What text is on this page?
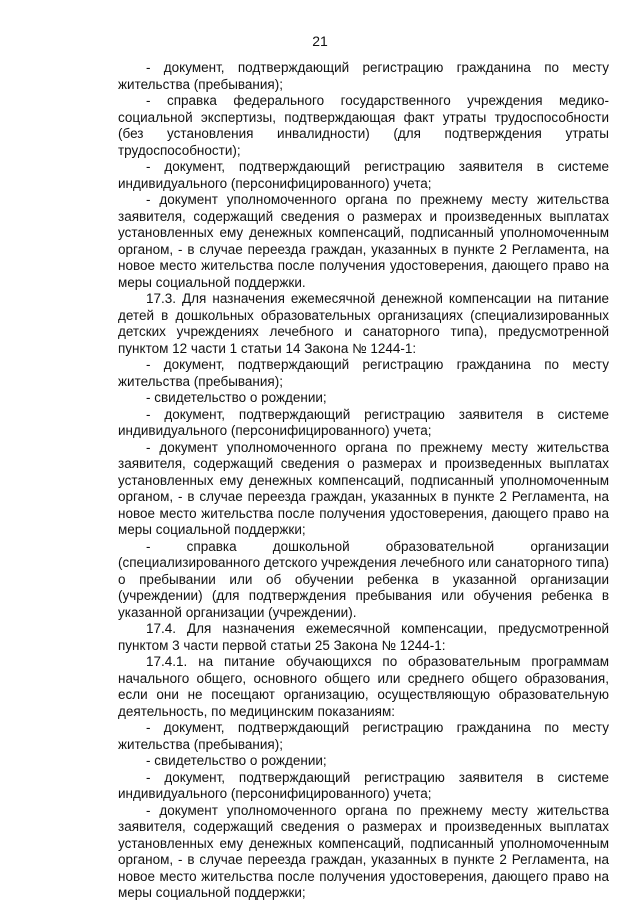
21

- документ, подтверждающий регистрацию гражданина по месту жительства (пребывания);

- справка федерального государственного учреждения медико-социальной экспертизы, подтверждающая факт утраты трудоспособности (без установления инвалидности) (для подтверждения утраты трудоспособности);

- документ, подтверждающий регистрацию заявителя в системе индивидуального (персонифицированного) учета;

- документ уполномоченного органа по прежнему месту жительства заявителя, содержащий сведения о размерах и произведенных выплатах установленных ему денежных компенсаций, подписанный уполномоченным органом, - в случае переезда граждан, указанных в пункте 2 Регламента, на новое место жительства после получения удостоверения, дающего право на меры социальной поддержки.

17.3. Для назначения ежемесячной денежной компенсации на питание детей в дошкольных образовательных организациях (специализированных детских учреждениях лечебного и санаторного типа), предусмотренной пунктом 12 части 1 статьи 14 Закона № 1244-1:

- документ, подтверждающий регистрацию гражданина по месту жительства (пребывания);

- свидетельство о рождении;

- документ, подтверждающий регистрацию заявителя в системе индивидуального (персонифицированного) учета;

- документ уполномоченного органа по прежнему месту жительства заявителя, содержащий сведения о размерах и произведенных выплатах установленных ему денежных компенсаций, подписанный уполномоченным органом, - в случае переезда граждан, указанных в пункте 2 Регламента, на новое место жительства после получения удостоверения, дающего право на меры социальной поддержки;

- справка дошкольной образовательной организации (специализированного детского учреждения лечебного или санаторного типа) о пребывании или об обучении ребенка в указанной организации (учреждении) (для подтверждения пребывания или обучения ребенка в указанной организации (учреждении).

17.4. Для назначения ежемесячной компенсации, предусмотренной пунктом 3 части первой статьи 25 Закона № 1244-1:

17.4.1. на питание обучающихся по образовательным программам начального общего, основного общего или среднего общего образования, если они не посещают организацию, осуществляющую образовательную деятельность, по медицинским показаниям:

- документ, подтверждающий регистрацию гражданина по месту жительства (пребывания);

- свидетельство о рождении;

- документ, подтверждающий регистрацию заявителя в системе индивидуального (персонифицированного) учета;

- документ уполномоченного органа по прежнему месту жительства заявителя, содержащий сведения о размерах и произведенных выплатах установленных ему денежных компенсаций, подписанный уполномоченным органом, - в случае переезда граждан, указанных в пункте 2 Регламента, на новое место жительства после получения удостоверения, дающего право на меры социальной поддержки;
